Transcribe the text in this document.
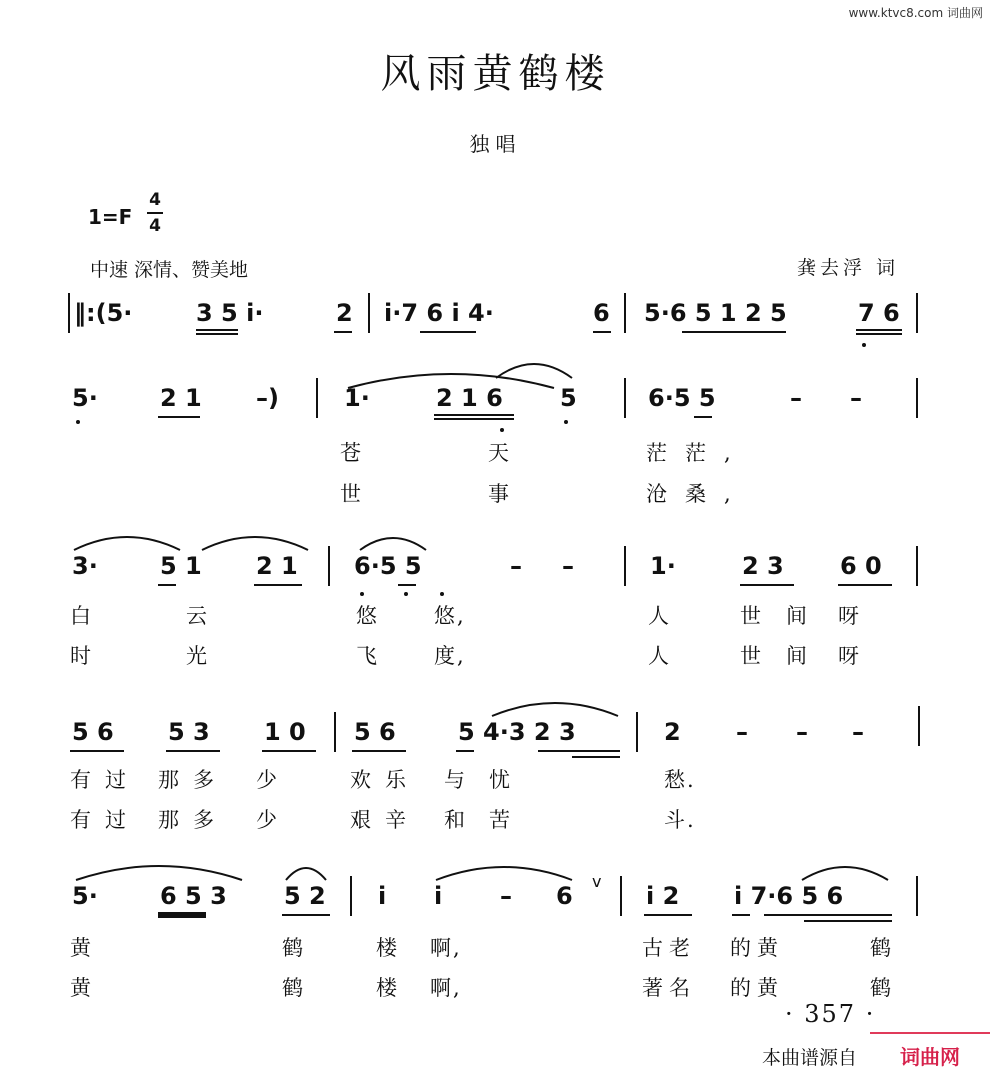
www.ktvc8.com 词曲网
风雨黄鹤楼
独唱
1=F
4
4
中速 深情、赞美地	龚去浮 词
‖:(5·	3 5 i·	2 i·7 6 i 4·	6 5·6 5 1 2 5	7 6
5·	2 1 –)	1·	2 1 6 5	6·5 5	– –
苍	天	茫茫,
世	事	沧桑,
3·	5 1 2 1 6·5 5	– –	1·	2 3 6 0
白	云	悠	悠,	人	世 间 呀
时	光	飞	度,	人	世 间 呀
5 6 5 3 1 0 5 6	5 4·3 2 3	2 – – –
有过 那多 少	欢乐 与忧	愁.
有过 那多 少	艰辛 和苦	斗.
5·	6 5 3 5 2 i i – 6
v
i 2 i 7·6 5 6
黄	鹤	楼 啊,	古老 的黄	鹤
黄	鹤	楼 啊,	著名 的黄	鹤
· 357 ·
本曲谱源自 词曲网
